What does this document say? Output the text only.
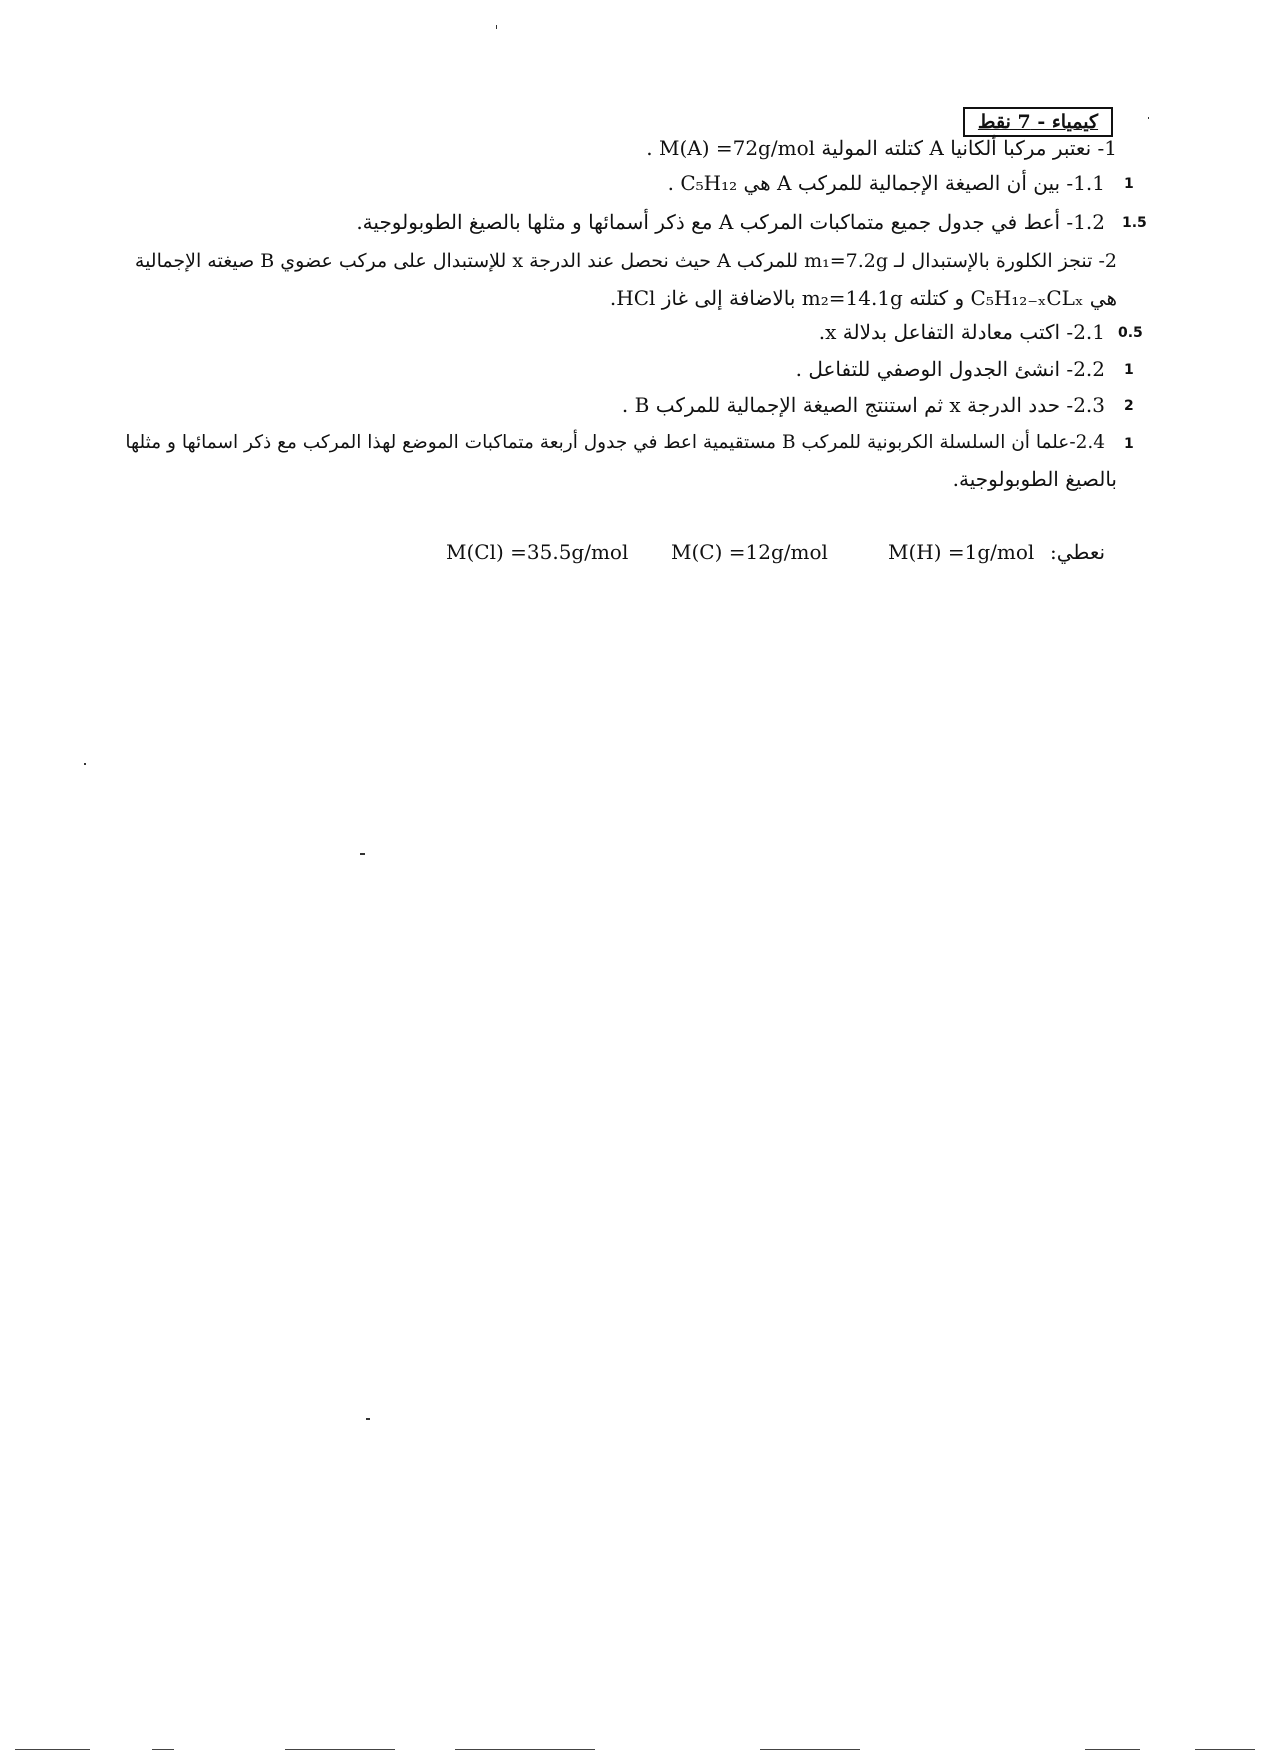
كيمياء - 7 نقط
1- نعتبر مركبا ألكانيا A كتلته المولية M(A) =72g/mol .
1
1.1- بين أن الصيغة الإجمالية للمركب A هي C₅H₁₂ .
1.5
1.2- أعط في جدول جميع متماكبات المركب A مع ذكر أسمائها و مثلها بالصيغ الطوبولوجية.
2- تنجز الكلورة بالإستبدال لـ m₁=7.2g للمركب A حيث نحصل عند الدرجة x للإستبدال على مركب عضوي B صيغته الإجمالية
هي C₅H₁₂₋ₓCLₓ و كتلته m₂=14.1g بالاضافة إلى غاز HCl.
0.5
2.1- اكتب معادلة التفاعل بدلالة x.
1
2.2- انشئ الجدول الوصفي للتفاعل .
2
2.3- حدد الدرجة x ثم استنتج الصيغة الإجمالية للمركب B .
1
2.4-علما أن السلسلة الكربونية للمركب B مستقيمية اعط في جدول أربعة متماكبات الموضع لهذا المركب مع ذكر اسمائها و مثلها
بالصيغ الطوبولوجية.
نعطي:
M(H) =1g/mol
M(C) =12g/mol
M(Cl) =35.5g/mol
